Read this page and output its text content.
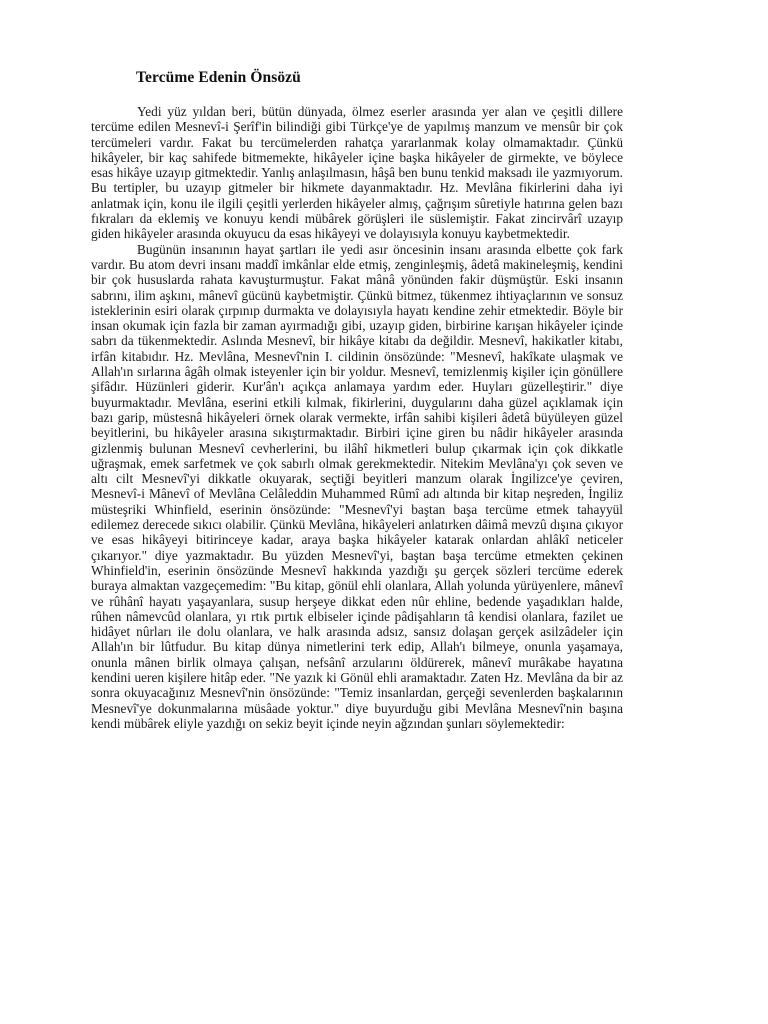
Tercüme Edenin Önsözü

Yedi yüz yıldan beri, bütün dünyada, ölmez eserler arasında yer alan ve çeşitli dillere tercüme edilen Mesnevî-i Şerîf'in bilindiği gibi Türkçe'ye de yapılmış manzum ve mensûr bir çok tercümeleri vardır. Fakat bu tercümelerden rahatça yararlanmak kolay olmamaktadır. Çünkü hikâyeler, bir kaç sahifede bitmemekte, hikâyeler içine başka hikâyeler de girmekte, ve böylece esas hikâye uzayıp gitmektedir. Yanlış anlaşılmasın, hâşâ ben bunu tenkid maksadı ile yazmıyorum. Bu tertipler, bu uzayıp gitmeler bir hikmete dayanmaktadır. Hz. Mevlâna fikirlerini daha iyi anlatmak için, konu ile ilgili çeşitli yerlerden hikâyeler almış, çağrışım sûretiyle hatırına gelen bazı fıkraları da eklemiş ve konuyu kendi mübârek görüşleri ile süslemiştir. Fakat zincirvârî uzayıp giden hikâyeler arasında okuyucu da esas hikâyeyi ve dolayısıyla konuyu kaybetmektedir.

Bugünün insanının hayat şartları ile yedi asır öncesinin insanı arasında elbette çok fark vardır. Bu atom devri insanı maddî imkânlar elde etmiş, zenginleşmiş, âdetâ makineleşmiş, kendini bir çok hususlarda rahata kavuşturmuştur. Fakat mânâ yönünden fakir düşmüştür. Eski insanın sabrını, ilim aşkını, mânevî gücünü kaybetmiştir. Çünkü bitmez, tükenmez ihtiyaçlarının ve sonsuz isteklerinin esiri olarak çırpınıp durmakta ve dolayısıyla hayatı kendine zehir etmektedir. Böyle bir insan okumak için fazla bir zaman ayırmadığı gibi, uzayıp giden, birbirine karışan hikâyeler içinde sabrı da tükenmektedir. Aslında Mesnevî, bir hikâye kitabı da değildir. Mesnevî, hakikatler kitabı, irfân kitabıdır. Hz. Mevlâna, Mesnevî'nin I. cildinin önsözünde: "Mesnevî, hakîkate ulaşmak ve Allah'ın sırlarına âgâh olmak isteyenler için bir yoldur. Mesnevî, temizlenmiş kişiler için gönüllere şifâdır. Hüzünleri giderir. Kur'ân'ı açıkça anlamaya yardım eder. Huyları güzelleştirir." diye buyurmaktadır. Mevlâna, eserini etkili kılmak, fikirlerini, duygularını daha güzel açıklamak için bazı garip, müstesnâ hikâyeleri örnek olarak vermekte, irfân sahibi kişileri âdetâ büyüleyen güzel beyitlerini, bu hikâyeler arasına sıkıştırmaktadır. Birbiri içine giren bu nâdir hikâyeler arasında gizlenmiş bulunan Mesnevî cevherlerini, bu ilâhî hikmetleri bulup çıkarmak için çok dikkatle uğraşmak, emek sarfetmek ve çok sabırlı olmak gerekmektedir. Nitekim Mevlâna'yı çok seven ve altı cilt Mesnevî'yi dikkatle okuyarak, seçtiği beyitleri manzum olarak İngilizce'ye çeviren, Mesnevî-i Mânevî of Mevlâna Celâleddin Muhammed Rûmî adı altında bir kitap neşreden, İngiliz müsteşriki Whinfield, eserinin önsözünde: "Mesnevî'yi baştan başa tercüme etmek tahayyül edilemez derecede sıkıcı olabilir. Çünkü Mevlâna, hikâyeleri anlatırken dâimâ mevzû dışına çıkıyor ve esas hikâyeyi bitirinceye kadar, araya başka hikâyeler katarak onlardan ahlâkî neticeler çıkarıyor." diye yazmaktadır. Bu yüzden Mesnevî'yi, baştan başa tercüme etmekten çekinen Whinfield'in, eserinin önsözünde Mesnevî hakkında yazdığı şu gerçek sözleri tercüme ederek buraya almaktan vazgeçemedim: "Bu kitap, gönül ehli olanlara, Allah yolunda yürüyenlere, mânevî ve rûhânî hayatı yaşayanlara, susup herşeye dikkat eden nûr ehline, bedende yaşadıkları halde, rûhen nâmevcûd olanlara, yı rtık pırtık elbiseler içinde pâdişahların tâ kendisi olanlara, fazilet ue hidâyet nûrları ile dolu olanlara, ve halk arasında adsız, sansız dolaşan gerçek asilzâdeler için Allah'ın bir lûtfudur. Bu kitap dünya nimetlerini terk edip, Allah'ı bilmeye, onunla yaşamaya, onunla mânen birlik olmaya çalışan, nefsânî arzularını öldürerek, mânevî murâkabe hayatına kendini ueren kişilere hitâp eder. "Ne yazık ki Gönül ehli aramaktadır. Zaten Hz. Mevlâna da bir az sonra okuyacağınız Mesnevî'nin önsözünde: "Temiz insanlardan, gerçeği sevenlerden başkalarının Mesnevî'ye dokunmalarına müsâade yoktur." diye buyurduğu gibi Mevlâna Mesnevî'nin başına kendi mübârek eliyle yazdığı on sekiz beyit içinde neyin ağzından şunları söylemektedir:
